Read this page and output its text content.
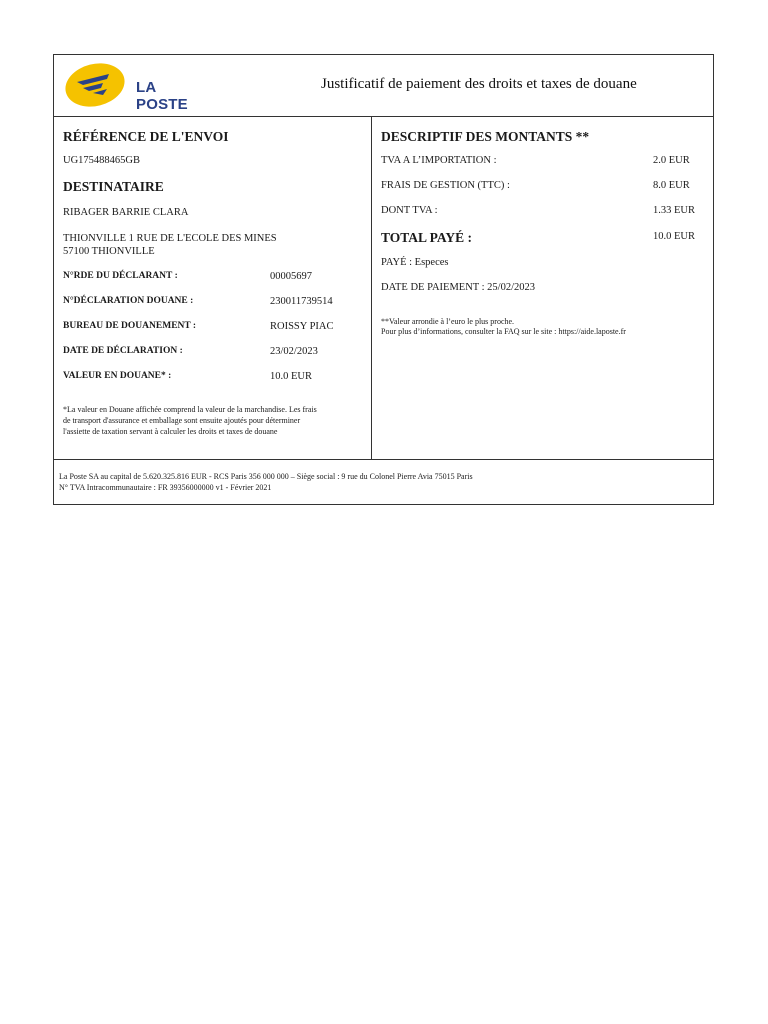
LA POSTE
Justificatif de paiement des droits et taxes de douane
RÉFÉRENCE DE L'ENVOI
UG175488465GB
DESTINATAIRE
RIBAGER BARRIE CLARA
THIONVILLE 1 RUE DE L'ECOLE DES MINES
57100 THIONVILLE
N°RDE DU DÉCLARANT :	00005697
N°DÉCLARATION DOUANE :	230011739514
BUREAU DE DOUANEMENT :	ROISSY PIAC
DATE DE DÉCLARATION :	23/02/2023
VALEUR EN DOUANE* :	10.0 EUR
*La valeur en Douane affichée comprend la valeur de la marchandise. Les frais
de transport d'assurance et emballage sont ensuite ajoutés pour déterminer
l'assiette de taxation servant à calculer les droits et taxes de douane
DESCRIPTIF DES MONTANTS **
TVA A L’IMPORTATION :	2.0 EUR
FRAIS DE GESTION (TTC) :	8.0 EUR
DONT TVA :	1.33 EUR
TOTAL PAYÉ :	10.0 EUR
PAYÉ : Especes
DATE DE PAIEMENT : 25/02/2023
**Valeur arrondie à l’euro le plus proche.
Pour plus d’informations, consulter la FAQ sur le site : https://aide.laposte.fr
La Poste SA au capital de 5.620.325.816 EUR - RCS Paris 356 000 000 – Siège social : 9 rue du Colonel Pierre Avia 75015 Paris
N° TVA Intracommunautaire : FR 39356000000 v1 - Février 2021
